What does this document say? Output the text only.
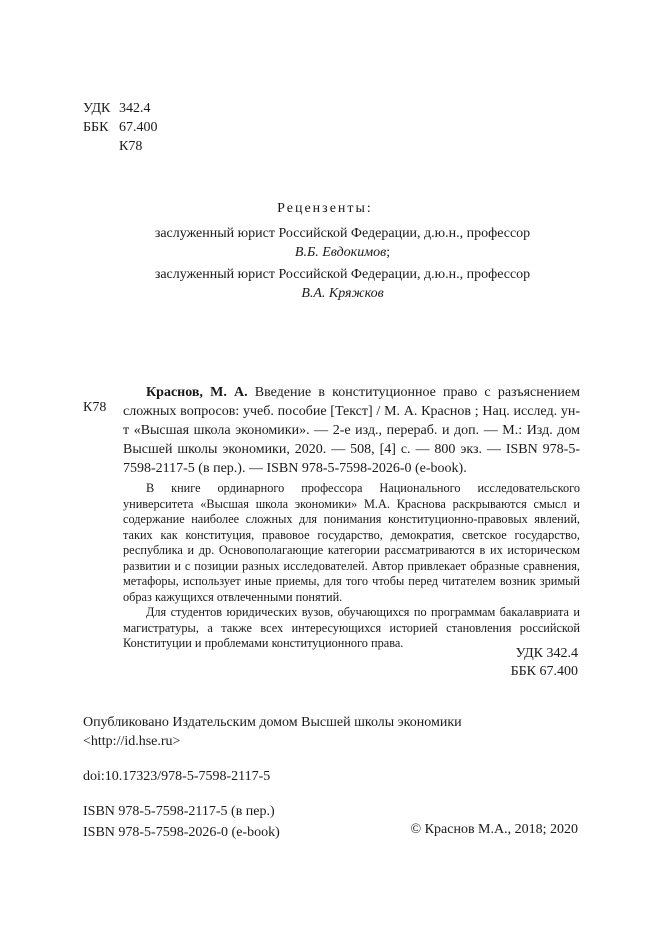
УДК 342.4
ББК 67.400
К78
Рецензенты:
заслуженный юрист Российской Федерации, д.ю.н., профессор
В.Б. Евдокимов;
заслуженный юрист Российской Федерации, д.ю.н., профессор
В.А. Кряжков
К78
Краснов, М. А. Введение в конституционное право с разъяснением сложных вопросов: учеб. пособие [Текст] / М. А. Краснов ; Нац. исслед. ун-т «Высшая школа экономики». — 2-е изд., перераб. и доп. — М.: Изд. дом Высшей школы экономики, 2020. — 508, [4] с. — 800 экз. — ISBN 978-5-7598-2117-5 (в пер.). — ISBN 978-5-7598-2026-0 (e-book).

В книге ординарного профессора Национального исследовательского университета «Высшая школа экономики» М.А. Краснова раскрываются смысл и содержание наиболее сложных для понимания конституционно-правовых явлений, таких как конституция, правовое государство, демократия, светское государство, республика и др. Основополагающие категории рассматриваются в их историческом развитии и с позиции разных исследователей. Автор привлекает образные сравнения, метафоры, использует иные приемы, для того чтобы перед читателем возник зримый образ кажущихся отвлеченными понятий.

Для студентов юридических вузов, обучающихся по программам бакалавриата и магистратуры, а также всех интересующихся историей становления российской Конституции и проблемами конституционного права.

УДК 342.4
ББК 67.400
Опубликовано Издательским домом Высшей школы экономики
<http://id.hse.ru>
doi:10.17323/978-5-7598-2117-5
ISBN 978-5-7598-2117-5 (в пер.)
ISBN 978-5-7598-2026-0 (e-book)	© Краснов М.А., 2018; 2020
